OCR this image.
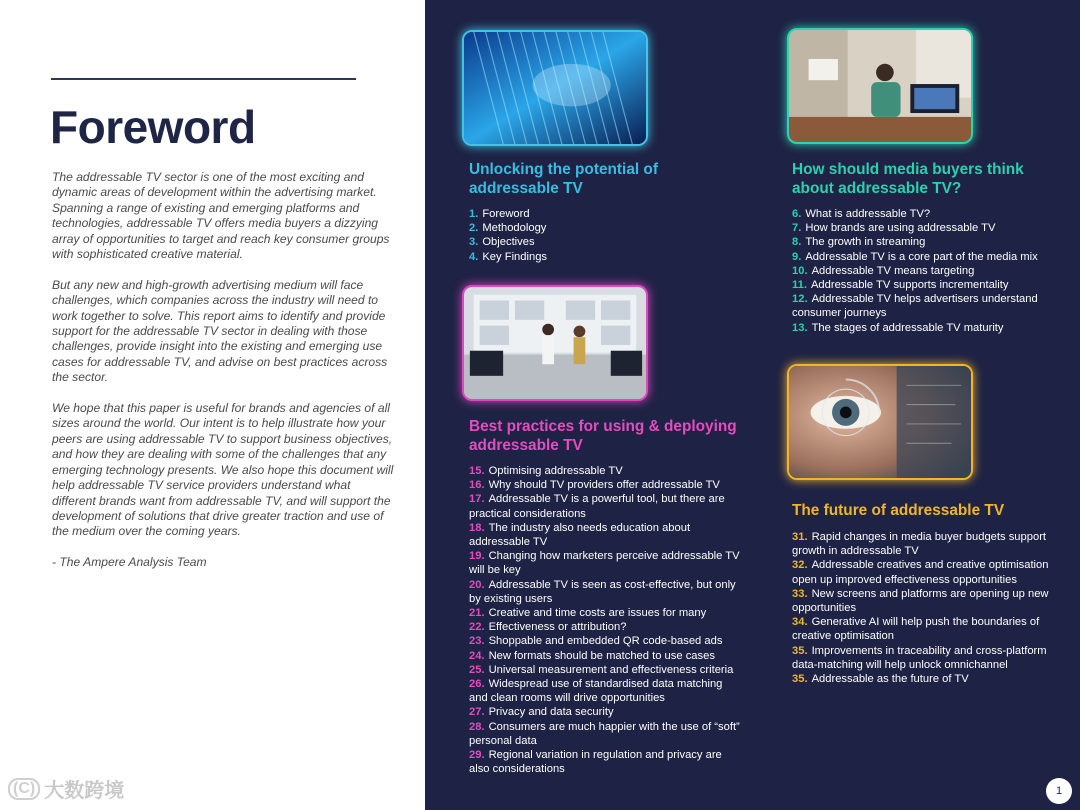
Foreword

The addressable TV sector is one of the most exciting and dynamic areas of development within the advertising market. Spanning a range of existing and emerging platforms and technologies, addressable TV offers media buyers a dizzying array of opportunities to target and reach key consumer groups with sophisticated creative material.

But any new and high-growth advertising medium will face challenges, which companies across the industry will need to work together to solve. This report aims to identify and provide support for the addressable TV sector in dealing with those challenges, provide insight into the existing and emerging use cases for addressable TV, and advise on best practices across the sector.

We hope that this paper is useful for brands and agencies of all sizes around the world. Our intent is to help illustrate how your peers are using addressable TV to support business objectives, and how they are dealing with some of the challenges that any emerging technology presents. We also hope this document will help addressable TV service providers understand what different brands want from addressable TV, and will support the development of solutions that drive greater traction and use of the medium over the coming years.

- The Ampere Analysis Team

(C) 大数跨境
Unlocking the potential of addressable TV
1. Foreword
2. Methodology
3. Objectives
4. Key Findings
How should media buyers think about addressable TV?
6. What is addressable TV?
7. How brands are using addressable TV
8. The growth in streaming
9. Addressable TV is a core part of the media mix
10. Addressable TV means targeting
11. Addressable TV supports incrementality
12. Addressable TV helps advertisers understand consumer journeys
13. The stages of addressable TV maturity
Best practices for using & deploying addressable TV
15. Optimising addressable TV
16. Why should TV providers offer addressable TV
17. Addressable TV is a powerful tool, but there are practical considerations
18. The industry also needs education about addressable TV
19. Changing how marketers perceive addressable TV will be key
20. Addressable TV is seen as cost-effective, but only by existing users
21. Creative and time costs are issues for many
22. Effectiveness or attribution?
23. Shoppable and embedded QR code-based ads
24. New formats should be matched to use cases
25. Universal measurement and effectiveness criteria
26. Widespread use of standardised data matching and clean rooms will drive opportunities
27. Privacy and data security
28. Consumers are much happier with the use of “soft” personal data
29. Regional variation in regulation and privacy are also considerations
The future of addressable TV
31. Rapid changes in media buyer budgets support growth in addressable TV
32. Addressable creatives and creative optimisation open up improved effectiveness opportunities
33. New screens and platforms are opening up new opportunities
34. Generative AI will help push the boundaries of creative optimisation
35. Improvements in traceability and cross-platform data-matching will help unlock omnichannel
35. Addressable as the future of TV
1
